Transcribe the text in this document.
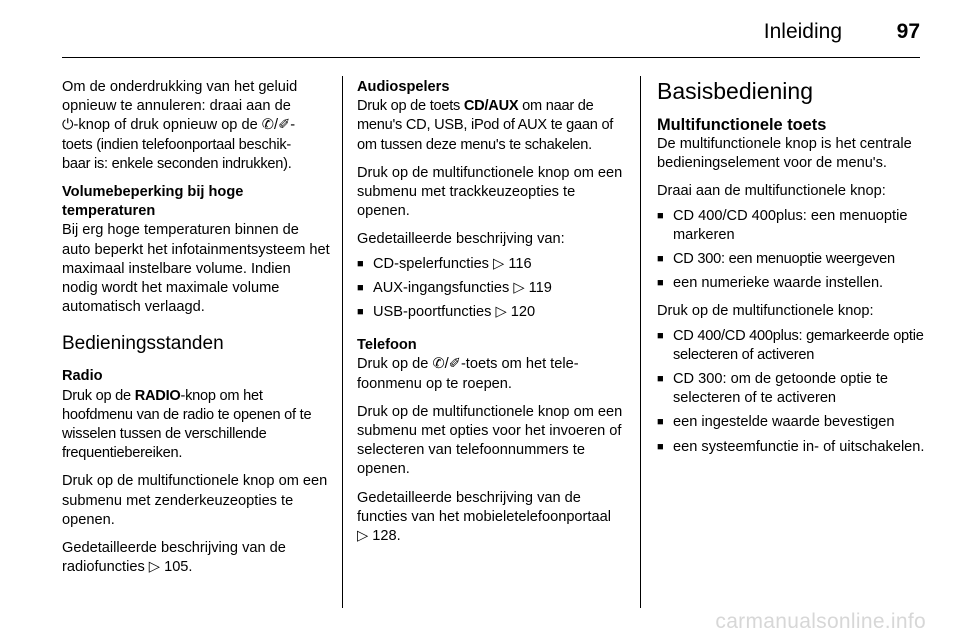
Inleiding	97

Om de onderdrukking van het geluid
opnieuw te annuleren: draai aan de
⏻-knop of druk opnieuw op de ✆/✐-
toets (indien telefoonportaal beschik-
baar is: enkele seconden indrukken).

Volumebeperking bij hoge temperaturen

Bij erg hoge temperaturen binnen de auto beperkt het infotainmentsysteem het maximaal instelbare volume. Indien nodig wordt het maximale volume automatisch verlaagd.

Bedieningsstanden
Radio

Druk op de RADIO-knop om het hoofdmenu van de radio te openen of te wisselen tussen de verschillende frequentiebereiken.

Druk op de multifunctionele knop om een submenu met zenderkeuzeopties te openen.

Gedetailleerde beschrijving van de radiofuncties ▷ 105.

Audiospelers

Druk op de toets CD/AUX om naar de menu's CD, USB, iPod of AUX te gaan of om tussen deze menu's te schakelen.

Druk op de multifunctionele knop om een submenu met trackkeuzeopties te openen.

Gedetailleerde beschrijving van:

■ CD-spelerfuncties ▷ 116
■ AUX-ingangsfuncties ▷ 119
■ USB-poortfuncties ▷ 120
Telefoon

Druk op de ✆/✐-toets om het telefoonmenu op te roepen.

Druk op de multifunctionele knop om een submenu met opties voor het invoeren of selecteren van telefoonnummers te openen.

Gedetailleerde beschrijving van de functies van het mobieletelefoonportaal ▷ 128.

Basisbediening
Multifunctionele toets

De multifunctionele knop is het centrale bedieningselement voor de menu's.

Draai aan de multifunctionele knop:

■ CD 400/CD 400plus: een menuoptie markeren
■ CD 300: een menuoptie weergeven
■ een numerieke waarde instellen.

Druk op de multifunctionele knop:

■ CD 400/CD 400plus: gemarkeerde optie selecteren of activeren
■ CD 300: om de getoonde optie te selecteren of te activeren
■ een ingestelde waarde bevestigen
■ een systeemfunctie in- of uitschakelen.
carmanualsonline.info
